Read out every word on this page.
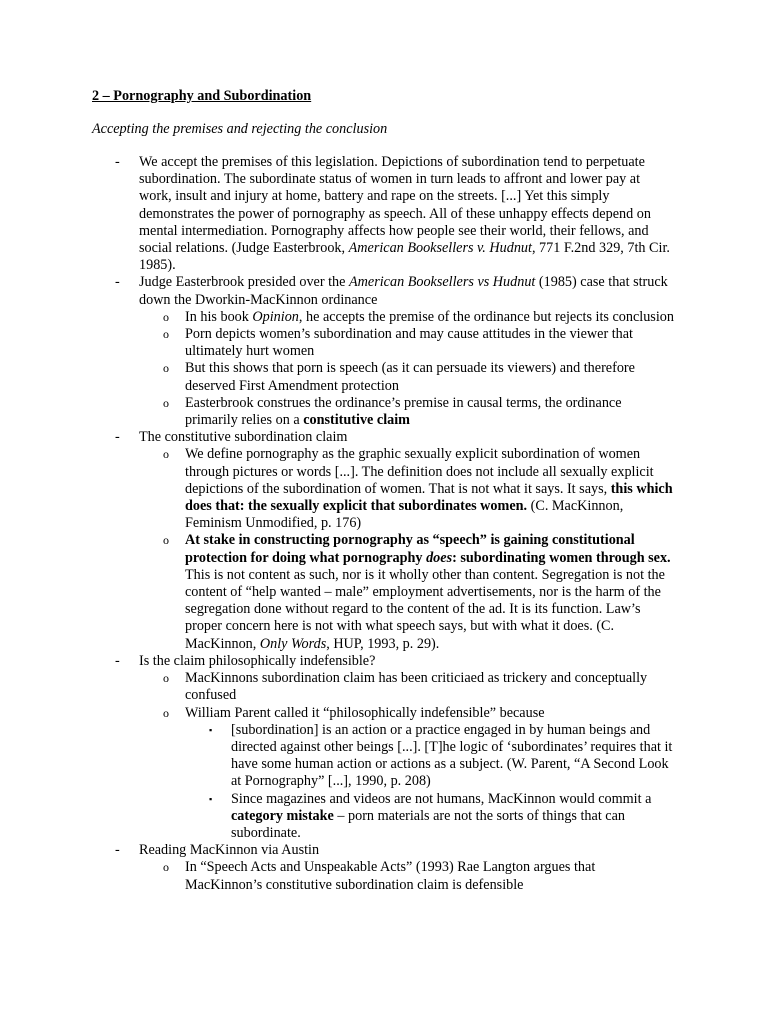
2 – Pornography and Subordination

Accepting the premises and rejecting the conclusion

- We accept the premises of this legislation. Depictions of subordination tend to perpetuate subordination. The subordinate status of women in turn leads to affront and lower pay at work, insult and injury at home, battery and rape on the streets. [...] Yet this simply demonstrates the power of pornography as speech. All of these unhappy effects depend on mental intermediation. Pornography affects how people see their world, their fellows, and social relations. (Judge Easterbrook, American Booksellers v. Hudnut, 771 F.2nd 329, 7th Cir. 1985).
- Judge Easterbrook presided over the American Booksellers vs Hudnut (1985) case that struck down the Dworkin-MacKinnon ordinance
o In his book Opinion, he accepts the premise of the ordinance but rejects its conclusion
o Porn depicts women’s subordination and may cause attitudes in the viewer that ultimately hurt women
o But this shows that porn is speech (as it can persuade its viewers) and therefore deserved First Amendment protection
o Easterbrook construes the ordinance’s premise in causal terms, the ordinance primarily relies on a constitutive claim
- The constitutive subordination claim
o We define pornography as the graphic sexually explicit subordination of women through pictures or words [...]. The definition does not include all sexually explicit depictions of the subordination of women. That is not what it says. It says, this which does that: the sexually explicit that subordinates women. (C. MacKinnon, Feminism Unmodified, p. 176)
o At stake in constructing pornography as “speech” is gaining constitutional protection for doing what pornography does: subordinating women through sex. This is not content as such, nor is it wholly other than content. Segregation is not the content of “help wanted – male” employment advertisements, nor is the harm of the segregation done without regard to the content of the ad. It is its function. Law’s proper concern here is not with what speech says, but with what it does. (C. MacKinnon, Only Words, HUP, 1993, p. 29).
- Is the claim philosophically indefensible?
o MacKinnons subordination claim has been criticiaed as trickery and conceptually confused
o William Parent called it “philosophically indefensible” because
▪ [subordination] is an action or a practice engaged in by human beings and directed against other beings [...]. [T]he logic of ‘subordinates’ requires that it have some human action or actions as a subject. (W. Parent, “A Second Look at Pornography” [...], 1990, p. 208)
▪ Since magazines and videos are not humans, MacKinnon would commit a category mistake – porn materials are not the sorts of things that can subordinate.
- Reading MacKinnon via Austin
o In “Speech Acts and Unspeakable Acts” (1993) Rae Langton argues that MacKinnon’s constitutive subordination claim is defensible
